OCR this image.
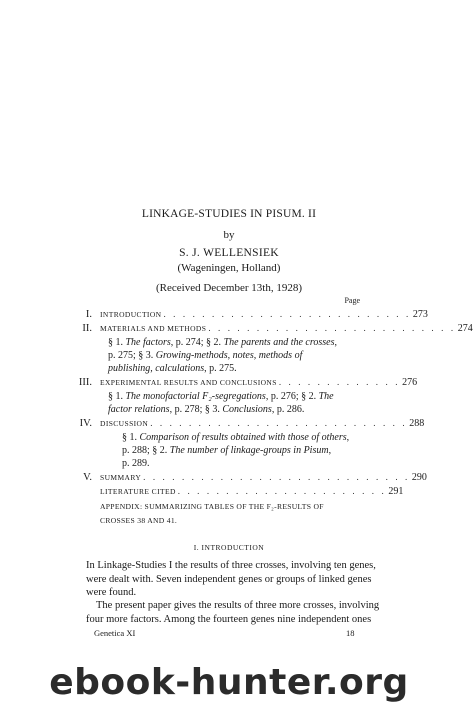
LINKAGE-STUDIES IN PISUM. II
by
S. J. WELLENSIEK
(Wageningen, Holland)
(Received December 13th, 1928)
Page
I. INTRODUCTION . . . . . . . . . . . . . . . . . . . . . . . . . . 273
II. MATERIALS AND METHODS . . . . . . . . . . . . . . . . . . . . . . . . . . 274
§ 1. The factors, p. 274; § 2. The parents and the crosses,
p. 275; § 3. Growing-methods, notes, methods of
publishing, calculations, p. 275.
III. EXPERIMENTAL RESULTS AND CONCLUSIONS . . . . . . . . . . . . . 276
§ 1. The monofactorial F₂-segregations, p. 276; § 2. The
factor relations, p. 278; § 3. Conclusions, p. 286.
IV. DISCUSSION . . . . . . . . . . . . . . . . . . . . . . . . . . . 288
§ 1. Comparison of results obtained with those of others,
p. 288; § 2. The number of linkage-groups in Pisum,
p. 289.
V. SUMMARY . . . . . . . . . . . . . . . . . . . . . . . . . . . . 290
LITERATURE CITED . . . . . . . . . . . . . . . . . . . . . . 291
APPENDIX: SUMMARIZING TABLES OF THE F₂-RESULTS OF
CROSSES 38 AND 41.
I. INTRODUCTION
In Linkage-Studies I the results of three crosses, involving ten genes,
were dealt with. Seven independent genes or groups of linked genes
were found.
The present paper gives the results of three more crosses, involving
four more factors. Among the fourteen genes nine independent ones
Genetica XI	18
ebook-hunter.org
